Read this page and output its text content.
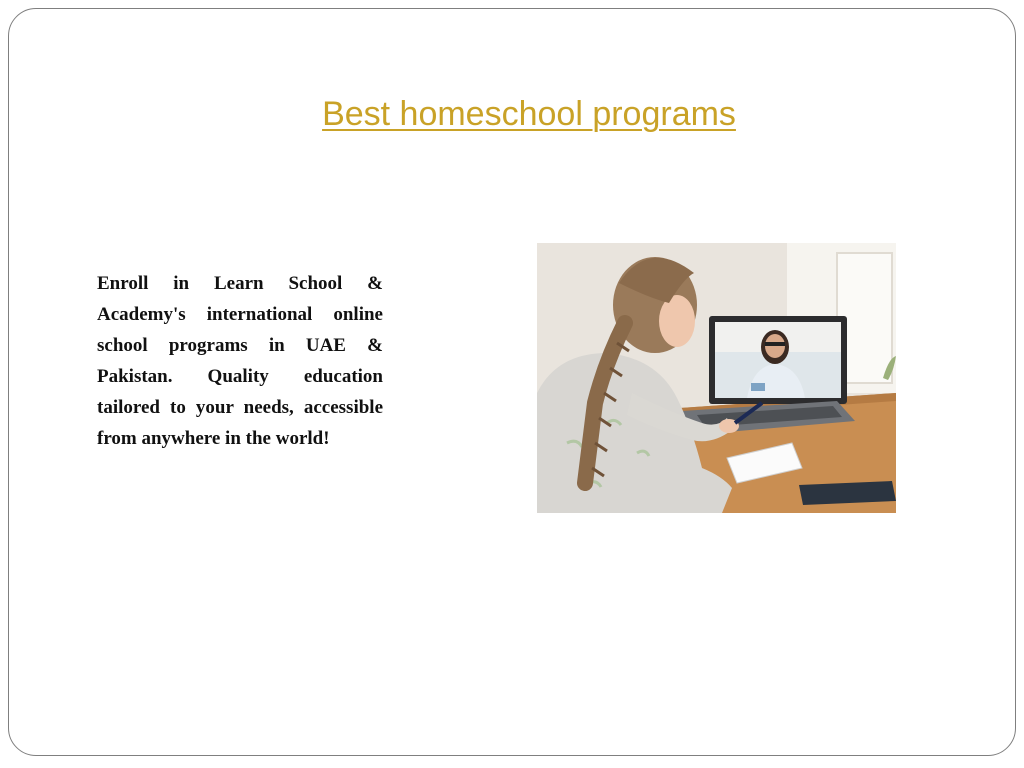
Best homeschool programs
Enroll in Learn School & Academy's international online school programs in UAE & Pakistan. Quality education tailored to your needs, accessible from anywhere in the world!
